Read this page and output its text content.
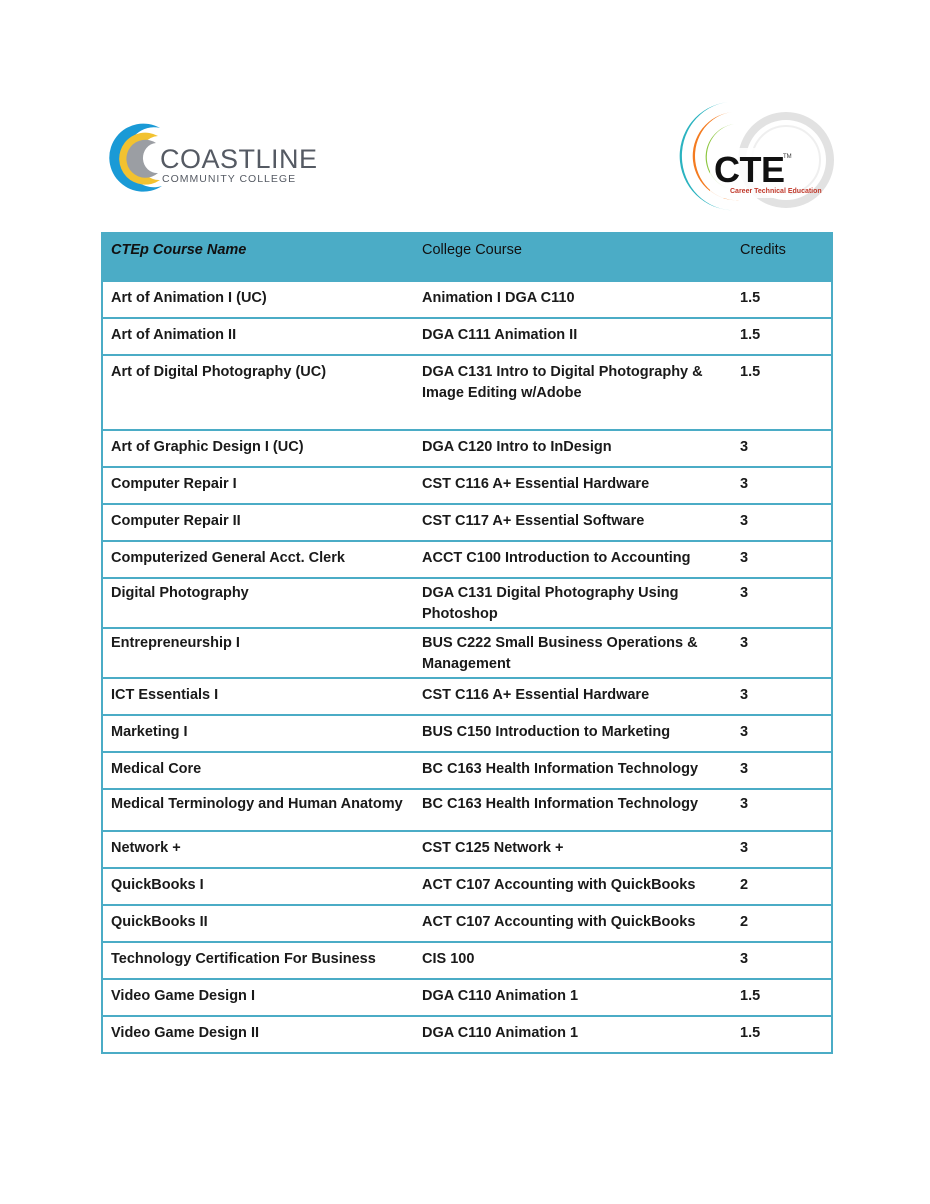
COASTLINE
COMMUNITY COLLEGE	CTE
TM
Career Technical Education
CTEp Course Name	College Course	Credits
Art of Animation I (UC)	Animation I DGA C110	1.5
Art of Animation II	DGA C111 Animation II	1.5
Art of Digital Photography (UC)	DGA C131 Intro to Digital Photography & Image Editing w/Adobe	1.5
Art of Graphic Design I (UC)	DGA C120 Intro to InDesign	3
Computer Repair I	CST C116 A+ Essential Hardware	3
Computer Repair II	CST C117 A+ Essential Software	3
Computerized General Acct. Clerk	ACCT C100 Introduction to Accounting	3
Digital Photography	DGA C131 Digital Photography Using Photoshop	3
Entrepreneurship I	BUS C222 Small Business Operations & Management	3
ICT Essentials I	CST C116 A+ Essential Hardware	3
Marketing I	BUS C150 Introduction to Marketing	3
Medical Core	BC C163 Health Information Technology	3
Medical Terminology and Human Anatomy	BC C163 Health Information Technology	3
Network +	CST C125 Network +	3
QuickBooks I	ACT C107 Accounting with QuickBooks	2
QuickBooks II	ACT C107 Accounting with QuickBooks	2
Technology Certification For Business	CIS 100	3
Video Game Design I	DGA C110 Animation 1	1.5
Video Game Design II	DGA C110 Animation 1	1.5
